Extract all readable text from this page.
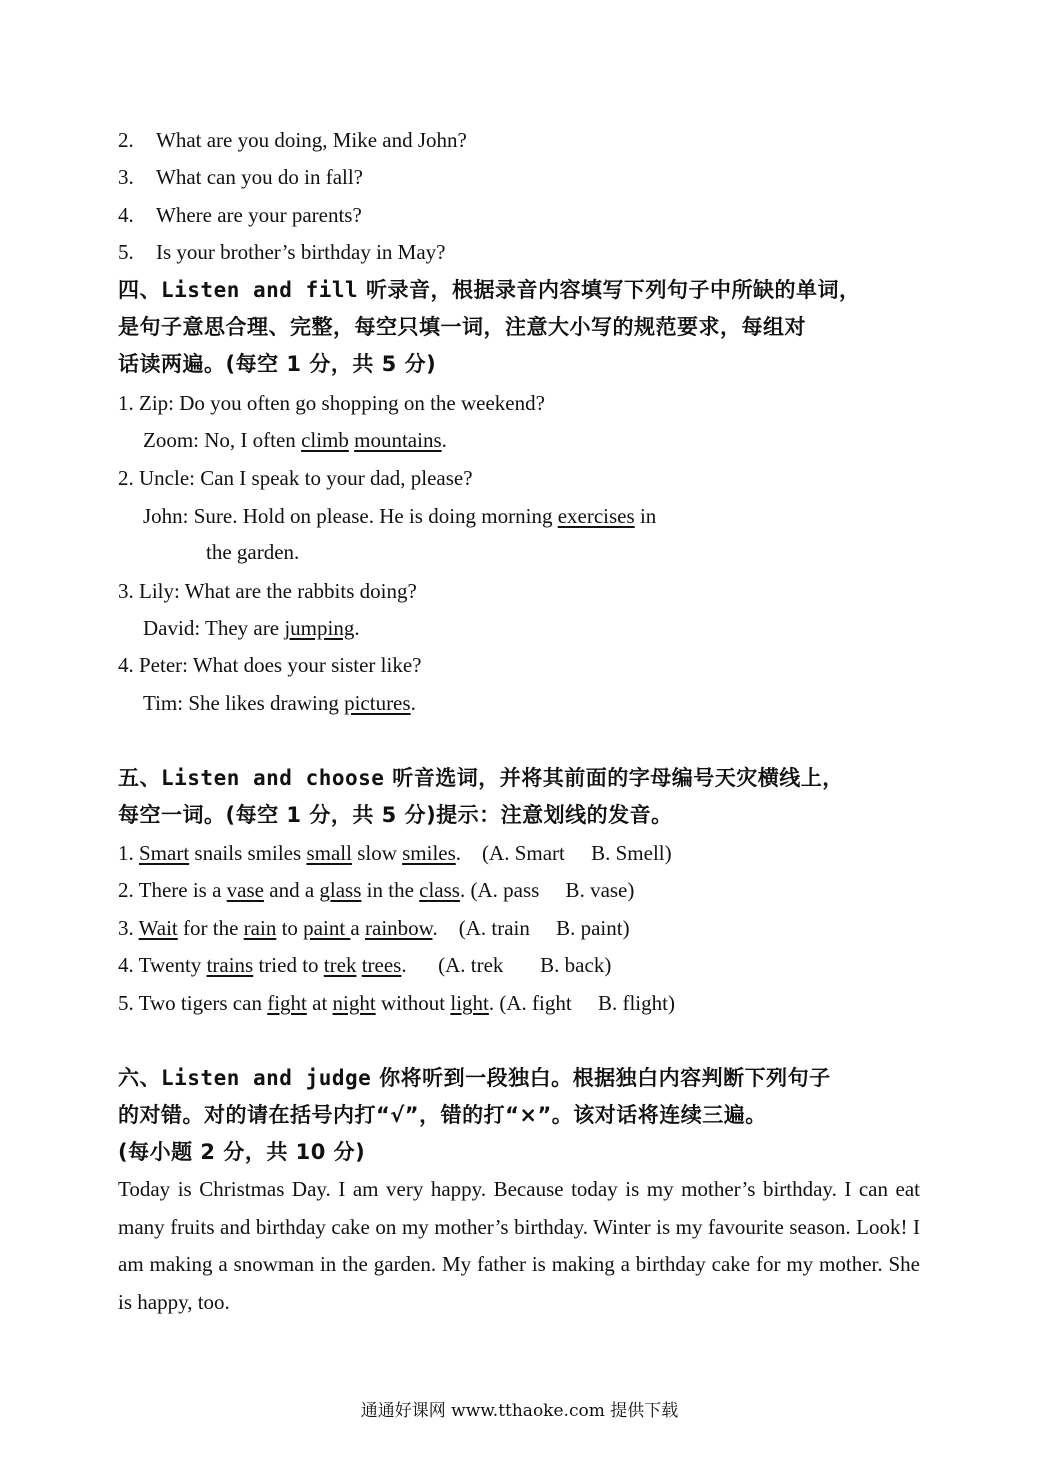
2. What are you doing, Mike and John?
3. What can you do in fall?
4. Where are your parents?
5. Is your brother’s birthday in May?
四、Listen and fill 听录音，根据录音内容填写下列句子中所缺的单词，
是句子意思合理、完整，每空只填一词，注意大小写的规范要求，每组对
话读两遍。(每空 1 分，共 5 分)
1. Zip: Do you often go shopping on the weekend?
Zoom: No, I often climb mountains.
2. Uncle: Can I speak to your dad, please?
John: Sure. Hold on please. He is doing morning exercises in
the garden.
3. Lily: What are the rabbits doing?
David: They are jumping.
4. Peter: What does your sister like?
Tim: She likes drawing pictures.
五、Listen and choose 听音选词，并将其前面的字母编号天灾横线上，
每空一词。(每空 1 分，共 5 分)提示：注意划线的发音。
1. Smart snails smiles small slow smiles.    (A. Smart     B. Smell)
2. There is a vase and a glass in the class. (A. pass     B. vase)
3. Wait for the rain to paint a rainbow.    (A. train     B. paint)
4. Twenty trains tried to trek trees.      (A. trek       B. back)
5. Two tigers can fight at night without light. (A. fight     B. flight)
六、Listen and judge 你将听到一段独白。根据独白内容判断下列句子
的对错。对的请在括号内打“√”，错的打“×”。该对话将连续三遍。
(每小题 2 分，共 10 分)
Today is Christmas Day. I am very happy. Because today is my mother’s birthday. I can eat many fruits and birthday cake on my mother’s birthday. Winter is my favourite season. Look! I am making a snowman in the garden. My father is making a birthday cake for my mother. She is happy, too.
通通好课网 www.tthaoke.com 提供下载
